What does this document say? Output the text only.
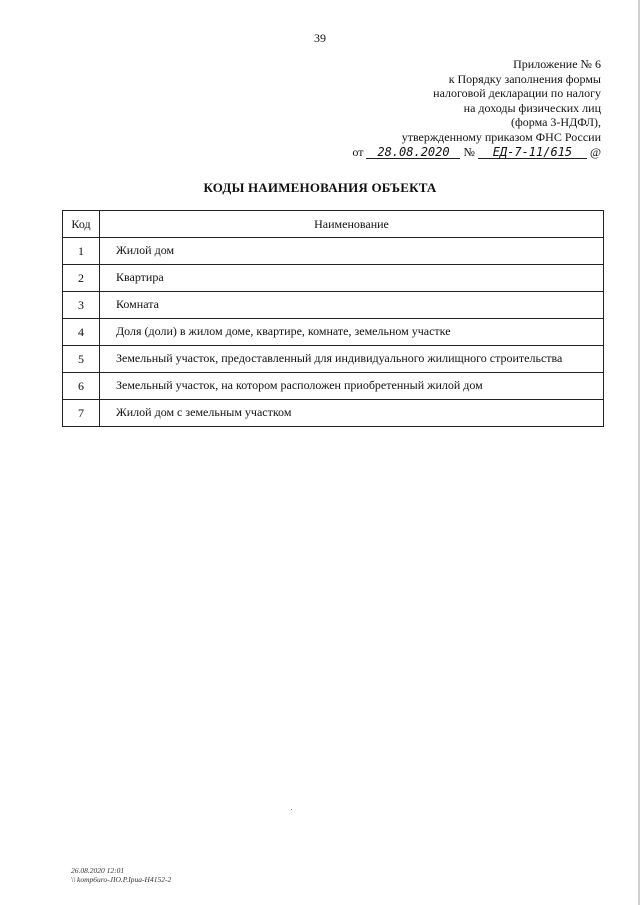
39
Приложение № 6
к Порядку заполнения формы
налоговой декларации по налогу
на доходы физических лиц
(форма 3-НДФЛ),
утвержденному приказом ФНС России
от 28.08.2020 № ЕД-7-11/615 @
КОДЫ НАИМЕНОВАНИЯ ОБЪЕКТА
Код	Наименование
1	Жилой дом
2	Квартира
3	Комната
4	Доля (доли) в жилом доме, квартире, комнате, земельном участке
5	Земельный участок, предоставленный для индивидуального жилищного строительства
6	Земельный участок, на котором расположен приобретенный жилой дом
7	Жилой дом с земельным участком
26.08.2020 12:01
\\ komp6uro-JIO.P.Ipua-H4152-2
